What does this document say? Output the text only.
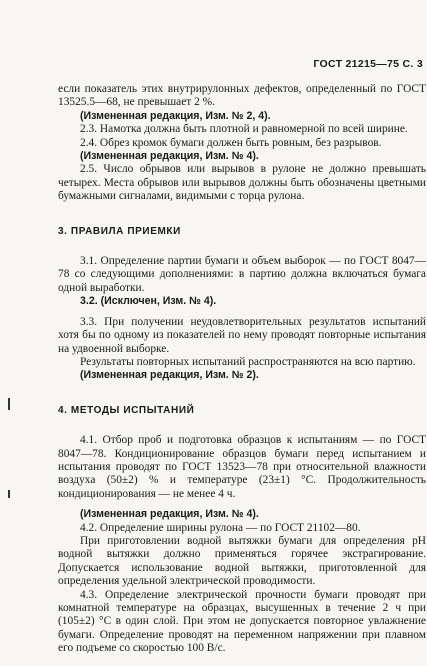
ГОСТ 21215—75 С. 3

если показатель этих внутрирулонных дефектов, определенный по ГОСТ 13525.5—68, не превышает 2 %.

(Измененная редакция, Изм. № 2, 4).

2.3. Намотка должна быть плотной и равномерной по всей ширине.

2.4. Обрез кромок бумаги должен быть ровным, без разрывов.

(Измененная редакция, Изм. № 4).

2.5. Число обрывов или вырывов в рулоне не должно превышать четырех. Места обрывов или вырывов должны быть обозначены цветными бумажными сигналами, видимыми с торца рулона.

3. ПРАВИЛА ПРИЕМКИ

3.1. Определение партии бумаги и объем выборок — по ГОСТ 8047—78 со следующими дополнениями: в партию должна включаться бумага одной выработки.

3.2. (Исключен, Изм. № 4).

3.3. При получении неудовлетворительных результатов испытаний хотя бы по одному из показателей по нему проводят повторные испытания на удвоенной выборке.

Результаты повторных испытаний распространяются на всю партию.

(Измененная редакция, Изм. № 2).

4. МЕТОДЫ ИСПЫТАНИЙ

4.1. Отбор проб и подготовка образцов к испытаниям — по ГОСТ 8047—78. Кондиционирование образцов бумаги перед испытанием и испытания проводят по ГОСТ 13523—78 при относительной влажности воздуха (50±2) % и температуре (23±1) °С. Продолжительность кондиционирования — не менее 4 ч.

(Измененная редакция, Изм. № 4).

4.2. Определение ширины рулона — по ГОСТ 21102—80.

При приготовлении водной вытяжки бумаги для определения pH водной вытяжки должно применяться горячее экстрагирование. Допускается использование водной вытяжки, приготовленной для определения удельной электрической проводимости.

4.3. Определение электрической прочности бумаги проводят при комнатной температуре на образцах, высушенных в течение 2 ч при (105±2) °С в один слой. При этом не допускается повторное увлажнение бумаги. Определение проводят на переменном напряжении при плавном его подъеме со скоростью 100 В/с.
